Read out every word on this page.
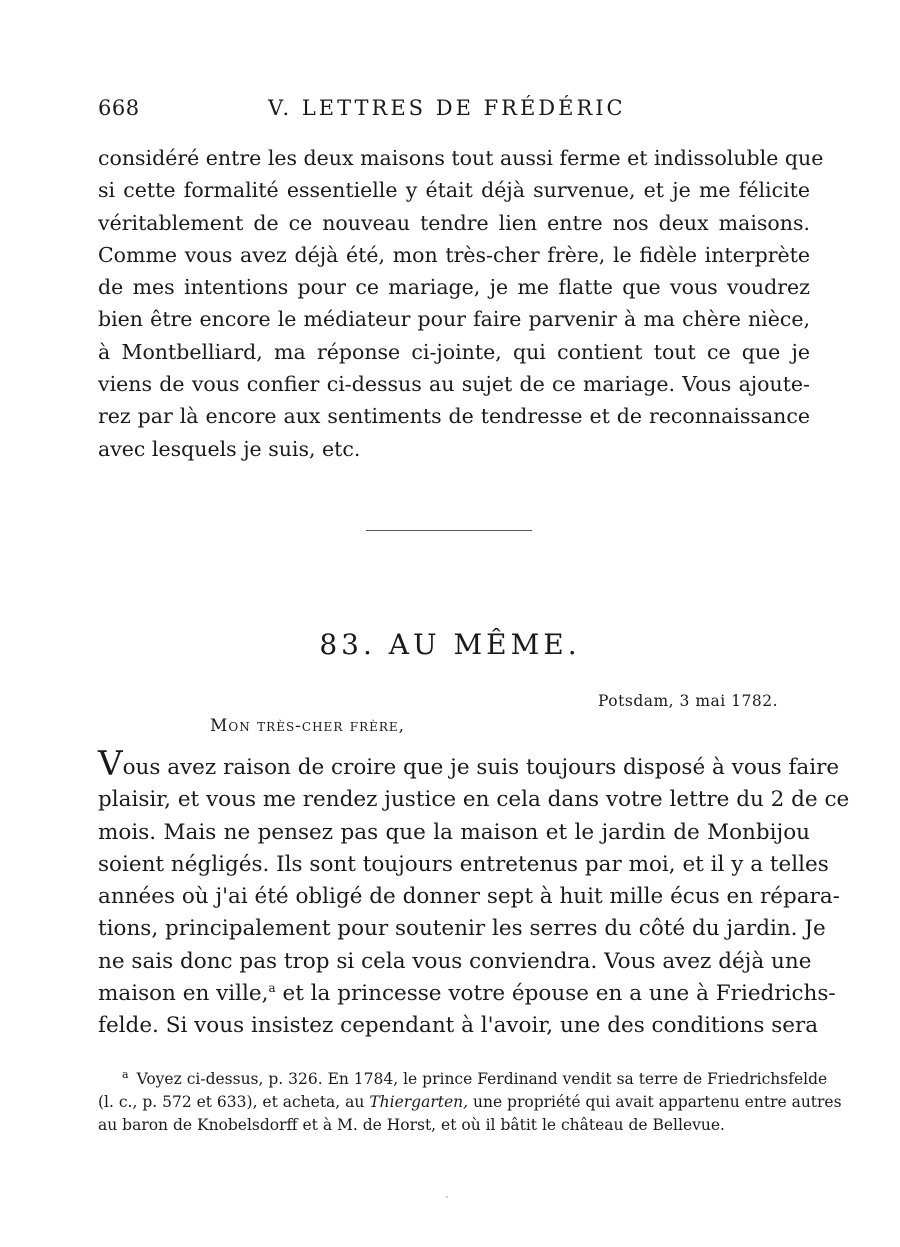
668	V. LETTRES DE FRÉDÉRIC

considéré entre les deux maisons tout aussi ferme et indissoluble que
si cette formalité essentielle y était déjà survenue, et je me félicite
véritablement de ce nouveau tendre lien entre nos deux maisons.
Comme vous avez déjà été, mon très-cher frère, le fidèle interprète
de mes intentions pour ce mariage, je me flatte que vous voudrez
bien être encore le médiateur pour faire parvenir à ma chère nièce,
à Montbelliard, ma réponse ci-jointe, qui contient tout ce que je
viens de vous confier ci-dessus au sujet de ce mariage. Vous ajoute-
rez par là encore aux sentiments de tendresse et de reconnaissance
avec lesquels je suis, etc.

83. AU MÊME.
Potsdam, 3 mai 1782.
Mon très-cher frère,

Vous avez raison de croire que je suis toujours disposé à vous faire
plaisir, et vous me rendez justice en cela dans votre lettre du 2 de ce
mois. Mais ne pensez pas que la maison et le jardin de Monbijou
soient négligés. Ils sont toujours entretenus par moi, et il y a telles
années où j'ai été obligé de donner sept à huit mille écus en répara-
tions, principalement pour soutenir les serres du côté du jardin. Je
ne sais donc pas trop si cela vous conviendra. Vous avez déjà une
maison en ville,$^a$ et la princesse votre épouse en a une à Friedrichs-
felde. Si vous insistez cependant à l'avoir, une des conditions sera

$^a$ Voyez ci-dessus, p. 326. En 1784, le prince Ferdinand vendit sa terre de Friedrichsfelde
(l. c., p. 572 et 633), et acheta, au Thiergarten, une propriété qui avait appartenu entre autres
au baron de Knobelsdorff et à M. de Horst, et où il bâtit le château de Bellevue.
